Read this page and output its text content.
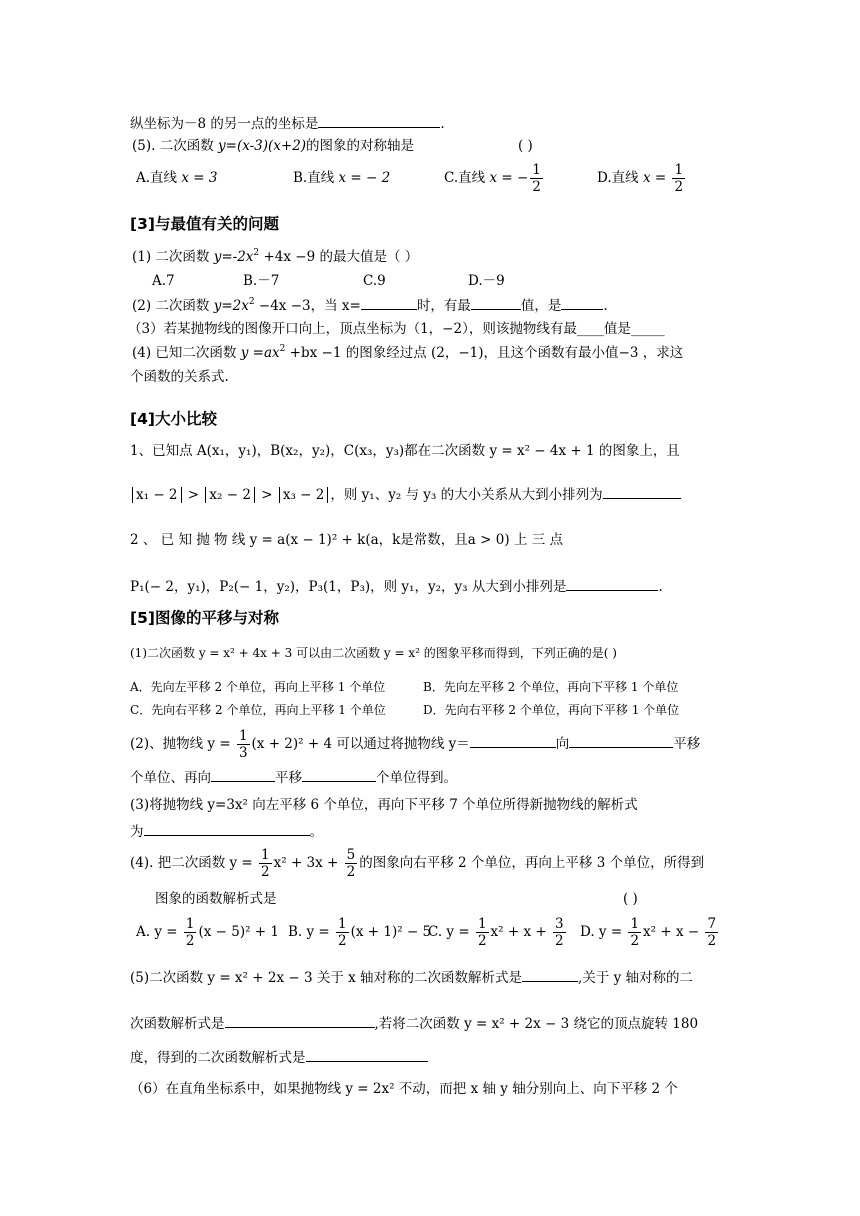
纵坐标为－8 的另一点的坐标是	.
(5). 二次函数 y=(x-3)(x+2)的图象的对称轴是	( )
A.直线 x = 3	B.直线 x = − 2	C.直线 x = − $\frac{1}{2}$	D.直线 $x = \frac{1}{2}$
[3]与最值有关的问题
(1) 二次函数 $y=-2x^2 +4x -9$ 的最大值是（ ）
A.7	B.－7	C.9	D.－9
(2) 二次函数 $y=2x^2 -4x -3$，当 x=	时，有最	值，是	.
（3）若某抛物线的图像开口向上，顶点坐标为（1，−2），则该抛物线有最____值是_____
(4) 已知二次函数 $y =ax^2 +bx -1$ 的图象经过点 (2，−1)，且这个函数有最小值−3 ，求这
个函数的关系式.
[4]大小比较
1、已知点 A(x₁，y₁)，B(x₂，y₂)，C(x₃，y₃)都在二次函数 y = x² − 4x + 1 的图象上，且
x₁ − 2 > x₂ − 2 > x₃ − 2 ，则 y₁、y₂ 与 y₃ 的大小关系从大到小排列为
2 、 已 知 抛 物 线 y = a(x − 1)² + k(a，k是常数，且a > 0) 上 三 点
P₁(− 2，y₁)，P₂(− 1，y₂)，P₃(1，P₃)，则 y₁，y₂，y₃ 从大到小排列是	.
[5]图像的平移与对称
(1)二次函数 y = x² + 4x + 3 可以由二次函数 y = x² 的图象平移而得到，下列正确的是( )
A．先向左平移 2 个单位，再向上平移 1 个单位	B．先向左平移 2 个单位，再向下平移 1 个单位
C．先向右平移 2 个单位，再向上平移 1 个单位	D．先向右平移 2 个单位，再向下平移 1 个单位
(2)、抛物线 $y = \frac{1}{3} (x + 2)^2 + 4$ 可以通过将抛物线 y＝	向	平移
个单位、再向	平移	个单位得到。
(3)将抛物线 y=3x² 向左平移 6 个单位，再向下平移 7 个单位所得新抛物线的解析式
为	。
(4). 把二次函数 $y = \frac{1}{2} x^2 + 3x + \frac{5}{2}$ 的图象向右平移 2 个单位，再向上平移 3 个单位，所得到
图象的函数解析式是	( )
A. $y = \frac{1}{2} (x - 5)^2 + 1$ B. $y = \frac{1}{2} (x + 1)^2 - 5$
C. $y = \frac{1}{2} x^2 + x + \frac{3}{2} D$. $y = \frac{1}{2} x^2 + x - \frac{7}{2}$
(5)二次函数 y = x² + 2x − 3 关于 x 轴对称的二次函数解析式是	,关于 y 轴对称的二
次函数解析式是	,若将二次函数 y = x² + 2x − 3 绕它的顶点旋转 180
度，得到的二次函数解析式是
（6）在直角坐标系中，如果抛物线 y = 2x² 不动，而把 x 轴 y 轴分别向上、向下平移 2 个
